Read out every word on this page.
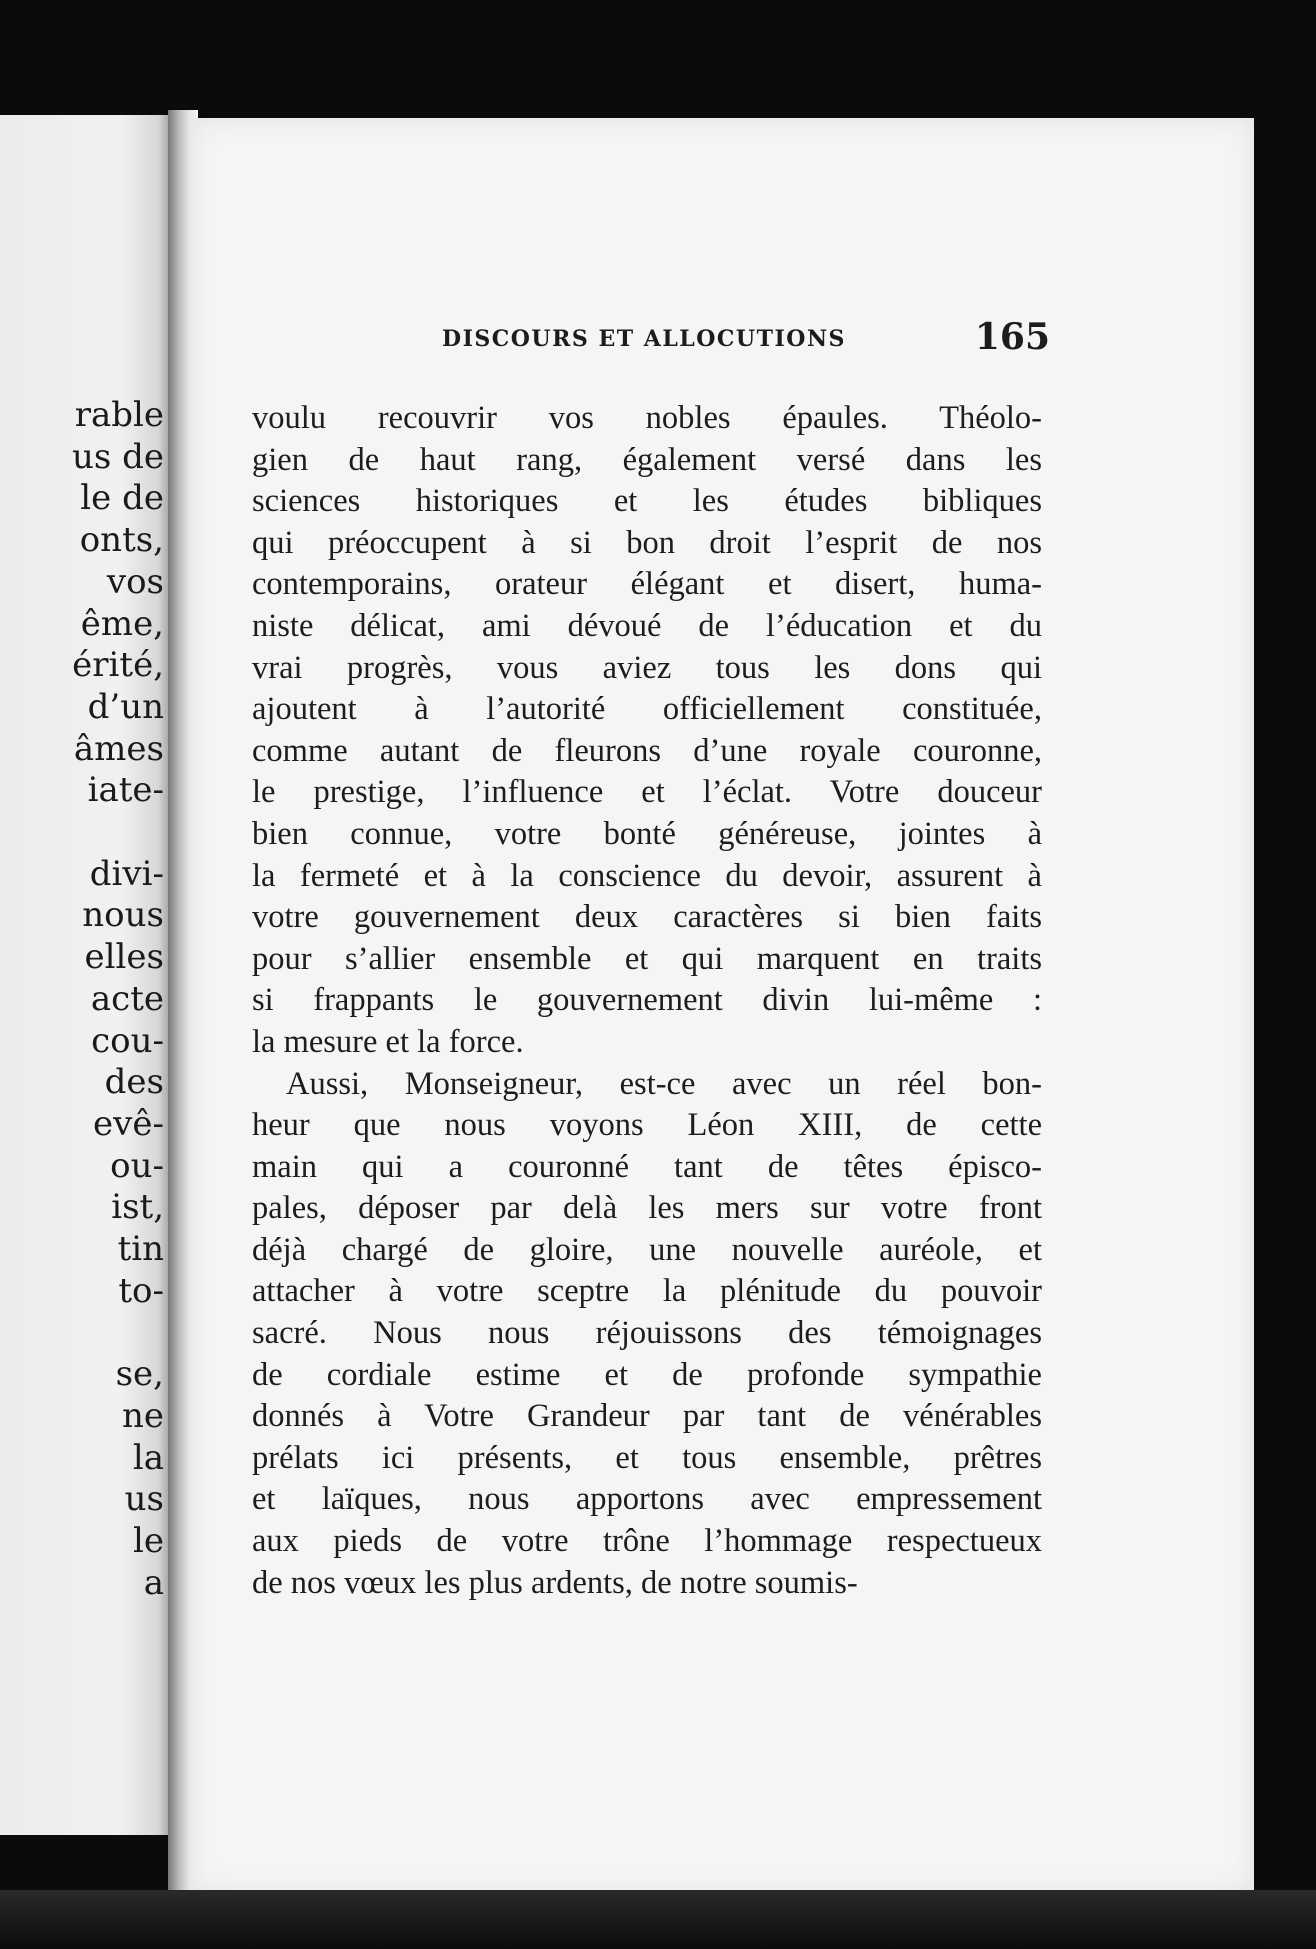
rable
us de
le de
onts,
vos
ême,
érité,
d’un
âmes
iate-

divi-
nous
elles
acte
cou-
des
evê-
ou-
ist,
tin
to-

se,
ne
la
us
le
a
DISCOURS ET ALLOCUTIONS	165
voulu recouvrir vos nobles épaules. Théolo-
gien de haut rang, également versé dans les
sciences historiques et les études bibliques
qui préoccupent à si bon droit l’esprit de nos
contemporains, orateur élégant et disert, huma-
niste délicat, ami dévoué de l’éducation et du
vrai progrès, vous aviez tous les dons qui
ajoutent à l’autorité officiellement constituée,
comme autant de fleurons d’une royale couronne,
le prestige, l’influence et l’éclat. Votre douceur
bien connue, votre bonté généreuse, jointes à
la fermeté et à la conscience du devoir, assurent à
votre gouvernement deux caractères si bien faits
pour s’allier ensemble et qui marquent en traits
si frappants le gouvernement divin lui-même :
la mesure et la force.
Aussi, Monseigneur, est-ce avec un réel bon-
heur que nous voyons Léon XIII, de cette
main qui a couronné tant de têtes épisco-
pales, déposer par delà les mers sur votre front
déjà chargé de gloire, une nouvelle auréole, et
attacher à votre sceptre la plénitude du pouvoir
sacré. Nous nous réjouissons des témoignages
de cordiale estime et de profonde sympathie
donnés à Votre Grandeur par tant de vénérables
prélats ici présents, et tous ensemble, prêtres
et laïques, nous apportons avec empressement
aux pieds de votre trône l’hommage respectueux
de nos vœux les plus ardents, de notre soumis-
